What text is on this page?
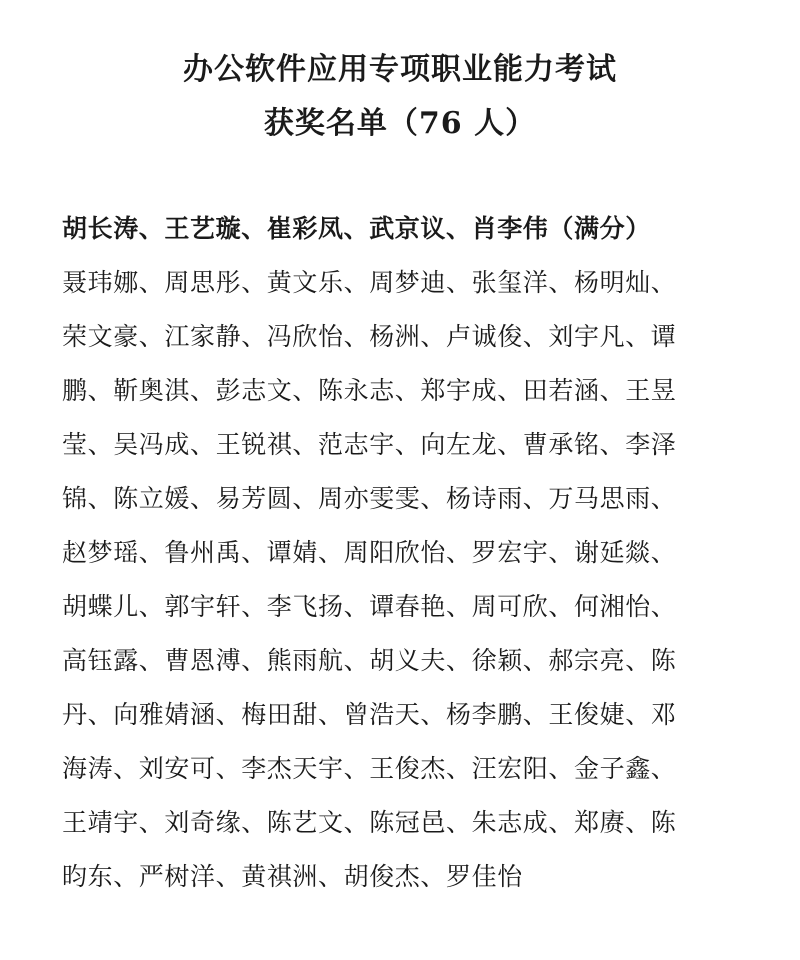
办公软件应用专项职业能力考试
获奖名单（76 人）
胡长涛、王艺璇、崔彩凤、武京议、肖李伟（满分）
聂玮娜、周思彤、黄文乐、周梦迪、张玺洋、杨明灿、
荣文豪、江家静、冯欣怡、杨洲、卢诚俊、刘宇凡、谭
鹏、靳奥淇、彭志文、陈永志、郑宇成、田若涵、王昱
莹、吴冯成、王锐祺、范志宇、向左龙、曹承铭、李泽
锦、陈立媛、易芳圆、周亦雯雯、杨诗雨、万马思雨、
赵梦瑶、鲁州禹、谭婧、周阳欣怡、罗宏宇、谢延燚、
胡蝶儿、郭宇轩、李飞扬、谭春艳、周可欣、何湘怡、
高钰露、曹恩溥、熊雨航、胡义夫、徐颖、郝宗亮、陈
丹、向雅婧涵、梅田甜、曾浩天、杨李鹏、王俊婕、邓
海涛、刘安可、李杰天宇、王俊杰、汪宏阳、金子鑫、
王靖宇、刘奇缘、陈艺文、陈冠邑、朱志成、郑赓、陈
昀东、严树洋、黄祺洲、胡俊杰、罗佳怡
